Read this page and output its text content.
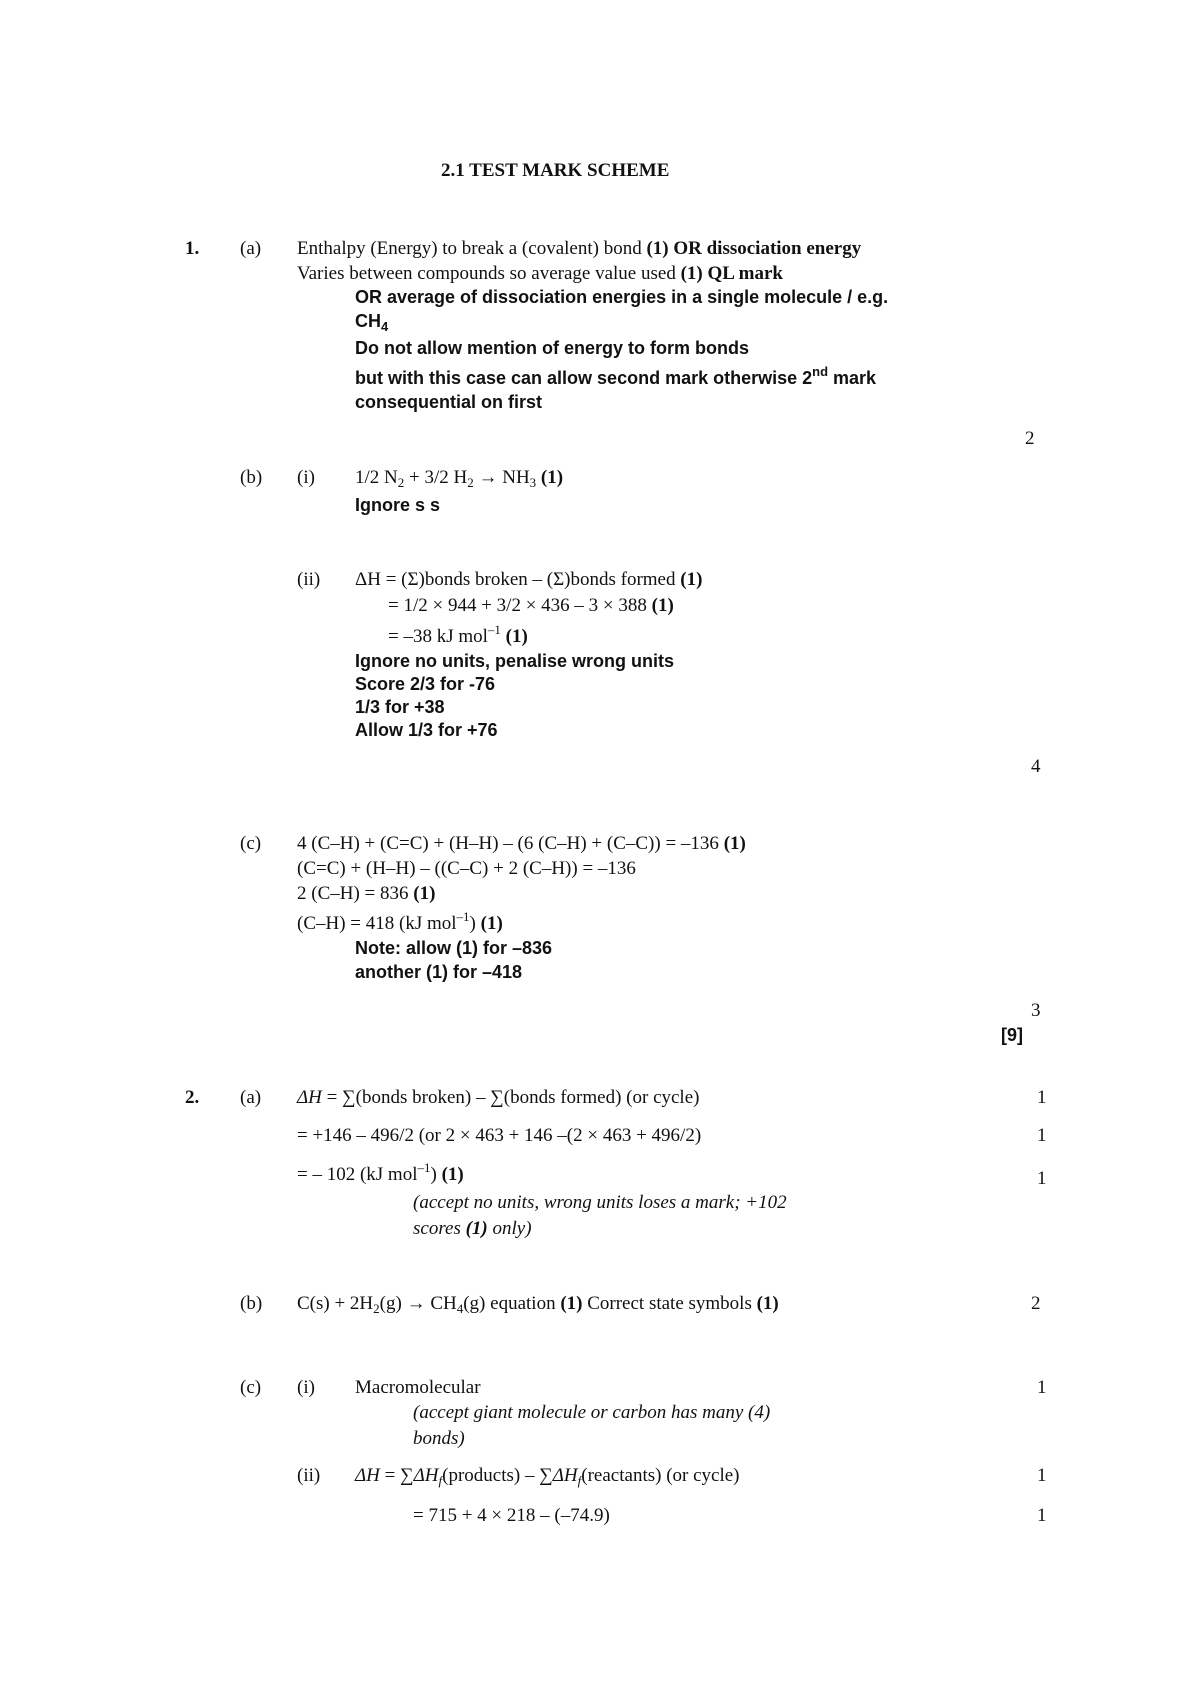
2.1 TEST MARK SCHEME
1. (a) Enthalpy (Energy) to break a (covalent) bond (1) OR dissociation energy
Varies between compounds so average value used (1) QL mark
OR average of dissociation energies in a single molecule / e.g.
$CH_4$
Do not allow mention of energy to form bonds
but with this case can allow second mark otherwise 2nd mark
consequential on first
2
(b) (i) 1/2 $N_2 + 3/2$ $H_2 \to NH_3$ (1)
Ignore s s
(ii) ΔH = (Σ)bonds broken – (Σ)bonds formed (1)
= 1/2 × 944 + 3/2 × 436 – 3 × 388 (1)
= –38 kJ mol$^{-1}$ (1)
Ignore no units, penalise wrong units
Score 2/3 for -76
1/3 for +38
Allow 1/3 for +76
4
(c) 4 (C–H) + (C=C) + (H–H) – (6 (C–H) + (C–C)) = –136 (1)
(C=C) + (H–H) – ((C–C) + 2 (C–H)) = –136
2 (C–H) = 836 (1)
(C–H) = 418 (kJ mol$^{-1}$) (1)
Note: allow (1) for –836
another (1) for –418
3
[9]
2. (a) ΔH = ∑(bonds broken) – ∑(bonds formed) (or cycle)	1
= +146 – 496/2 (or 2 × 463 + 146 –(2 × 463 + 496/2)	1
= – 102 (kJ mol$^{-1}$) (1)	1
(accept no units, wrong units loses a mark; +102
scores (1) only)
(b) $C(s) + 2H_2(g) \to CH_4(g)$ equation (1) Correct state symbols (1)	2
(c) (i) Macromolecular	1
(accept giant molecule or carbon has many (4)
bonds)
(ii) $\Delta H = \sum\Delta H_f(products)$ – $\sum\Delta H_f(reactants)$ (or cycle)	1
= 715 + 4 × 218 – (–74.9)	1
